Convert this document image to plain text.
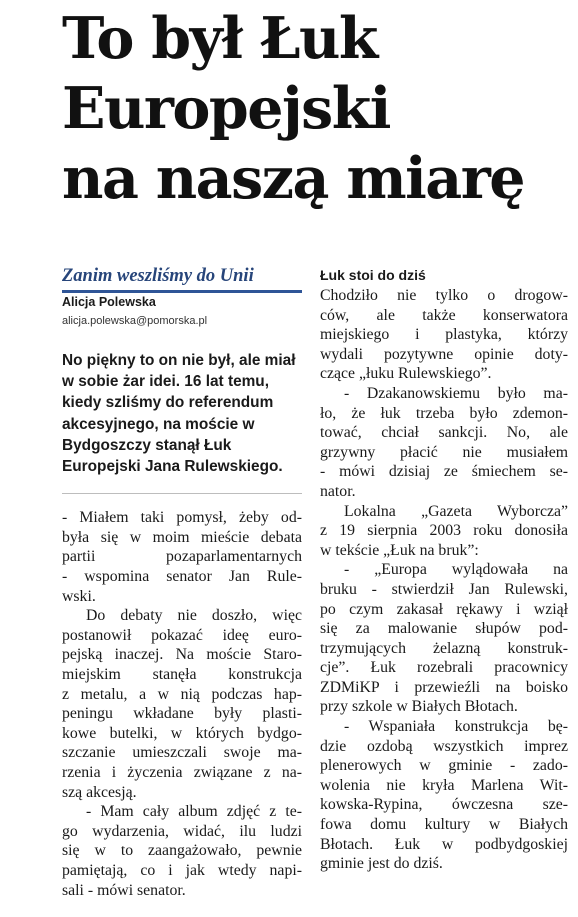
To był Łuk
Europejski
na naszą miarę
Zanim weszliśmy do Unii
Alicja Polewska
alicja.polewska@pomorska.pl
No piękny to on nie był, ale miał w sobie żar idei. 16 lat temu, kiedy szliśmy do referendum akcesyjnego, na moście w Bydgoszczy stanął Łuk Europejski Jana Rulewskiego.
- Miałem taki pomysł, żeby od-
była się w moim mieście debata
partii pozaparlamentarnych
- wspomina senator Jan Rule-
wski.
Do debaty nie doszło, więc
postanowił pokazać ideę euro-
pejską inaczej. Na moście Staro-
miejskim stanęła konstrukcja
z metalu, a w nią podczas hap-
peningu wkładane były plasti-
kowe butelki, w których bydgo-
szczanie umieszczali swoje ma-
rzenia i życzenia związane z na-
szą akcesją.
- Mam cały album zdjęć z te-
go wydarzenia, widać, ilu ludzi
się w to zaangażowało, pewnie
pamiętają, co i jak wtedy napi-
sali - mówi senator.
Łuk stoi do dziś
Chodziło nie tylko o drogow-
ców, ale także konserwatora
miejskiego i plastyka, którzy
wydali pozytywne opinie doty-
czące „łuku Rulewskiego”.
- Dzakanowskiemu było ma-
ło, że łuk trzeba było zdemon-
tować, chciał sankcji. No, ale
grzywny płacić nie musiałem
- mówi dzisiaj ze śmiechem se-
nator.
Lokalna „Gazeta Wyborcza”
z 19 sierpnia 2003 roku donosiła
w tekście „Łuk na bruk”:
- „Europa wylądowała na
bruku - stwierdził Jan Rulewski,
po czym zakasał rękawy i wziął
się za malowanie słupów pod-
trzymujących żelazną konstruk-
cje”. Łuk rozebrali pracownicy
ZDMiKP i przewieźli na boisko
przy szkole w Białych Błotach.
- Wspaniała konstrukcja bę-
dzie ozdobą wszystkich imprez
plenerowych w gminie - zado-
wolenia nie kryła Marlena Wit-
kowska-Rypina, ówczesna sze-
fowa domu kultury w Białych
Błotach. Łuk w podbydgoskiej
gminie jest do dziś.
